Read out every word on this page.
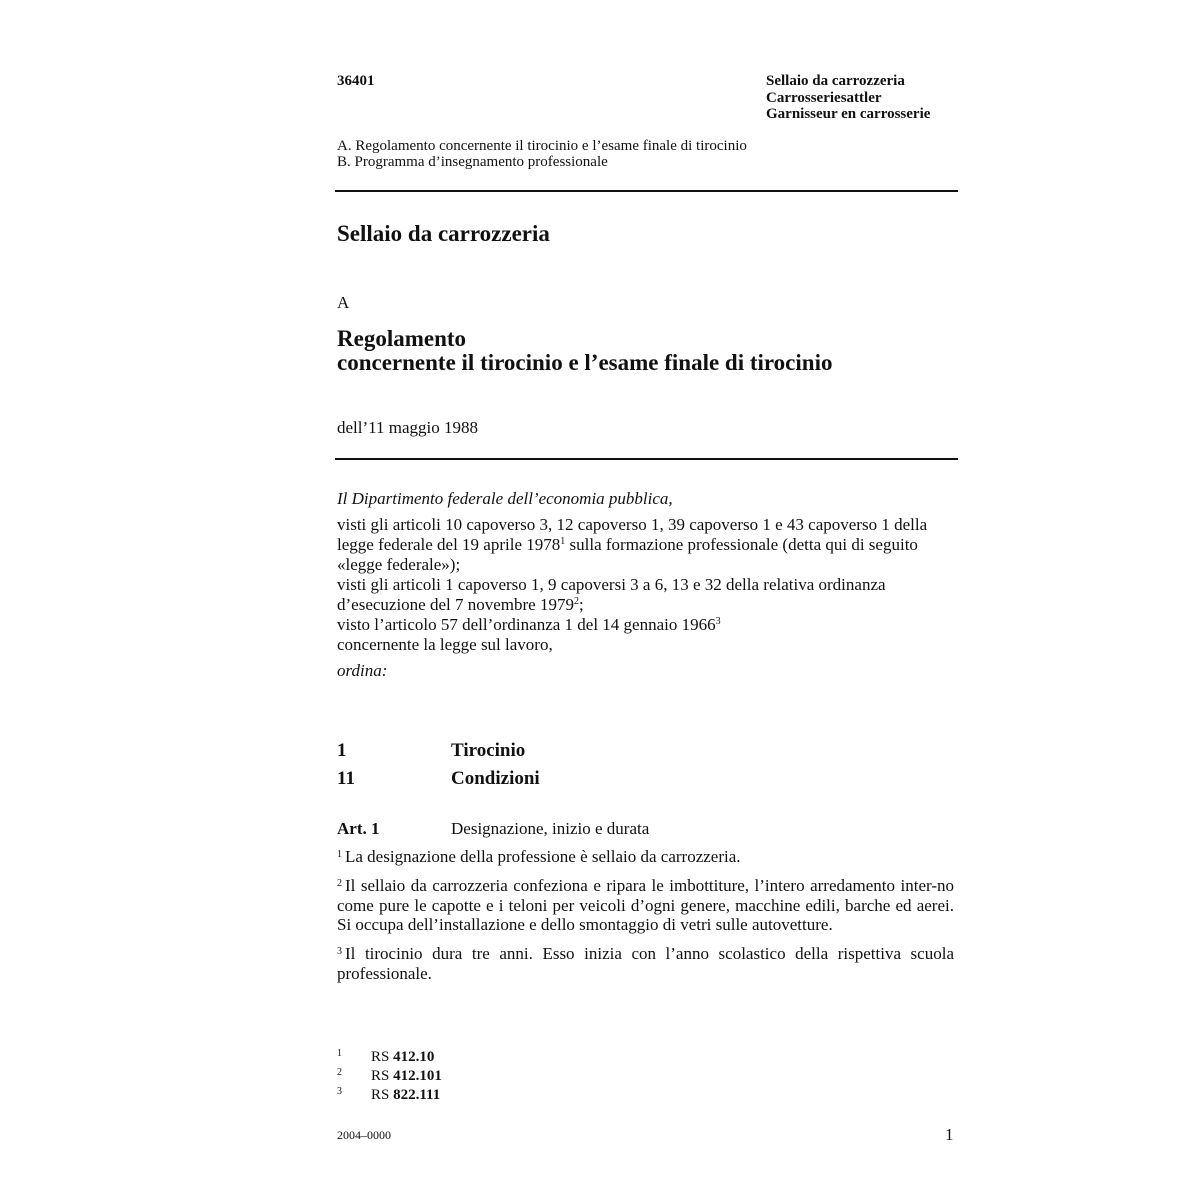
36401	Sellaio da carrozzeria
Carrosseriesattler
Garnisseur en carrosserie
A. Regolamento concernente il tirocinio e l’esame finale di tirocinio
B. Programma d’insegnamento professionale
Sellaio da carrozzeria
A
Regolamento
concernente il tirocinio e l’esame finale di tirocinio
dell’11 maggio 1988
Il Dipartimento federale dell’economia pubblica,
visti gli articoli 10 capoverso 3, 12 capoverso 1, 39 capoverso 1 e 43 capoverso 1 della legge federale del 19 aprile 1978$^1$ sulla formazione professionale (detta qui di seguito «legge federale»);
visti gli articoli 1 capoverso 1, 9 capoversi 3 a 6, 13 e 32 della relativa ordinanza d’esecuzione del 7 novembre 1979$^2$;
visto l’articolo 57 dell’ordinanza 1 del 14 gennaio 1966$^3$
concernente la legge sul lavoro,
ordina:
1	Tirocinio
11	Condizioni
Art. 1	Designazione, inizio e durata
$^1$ La designazione della professione è sellaio da carrozzeria.
$^2$ Il sellaio da carrozzeria confeziona e ripara le imbottiture, l’intero arredamento inter-no come pure le capotte e i teloni per veicoli d’ogni genere, macchine edili, barche ed aerei. Si occupa dell’installazione e dello smontaggio di vetri sulle autovetture.
$^3$ Il tirocinio dura tre anni. Esso inizia con l’anno scolastico della rispettiva scuola professionale.
1 RS 412.10
2 RS 412.101
3 RS 822.111
2004–0000	1
